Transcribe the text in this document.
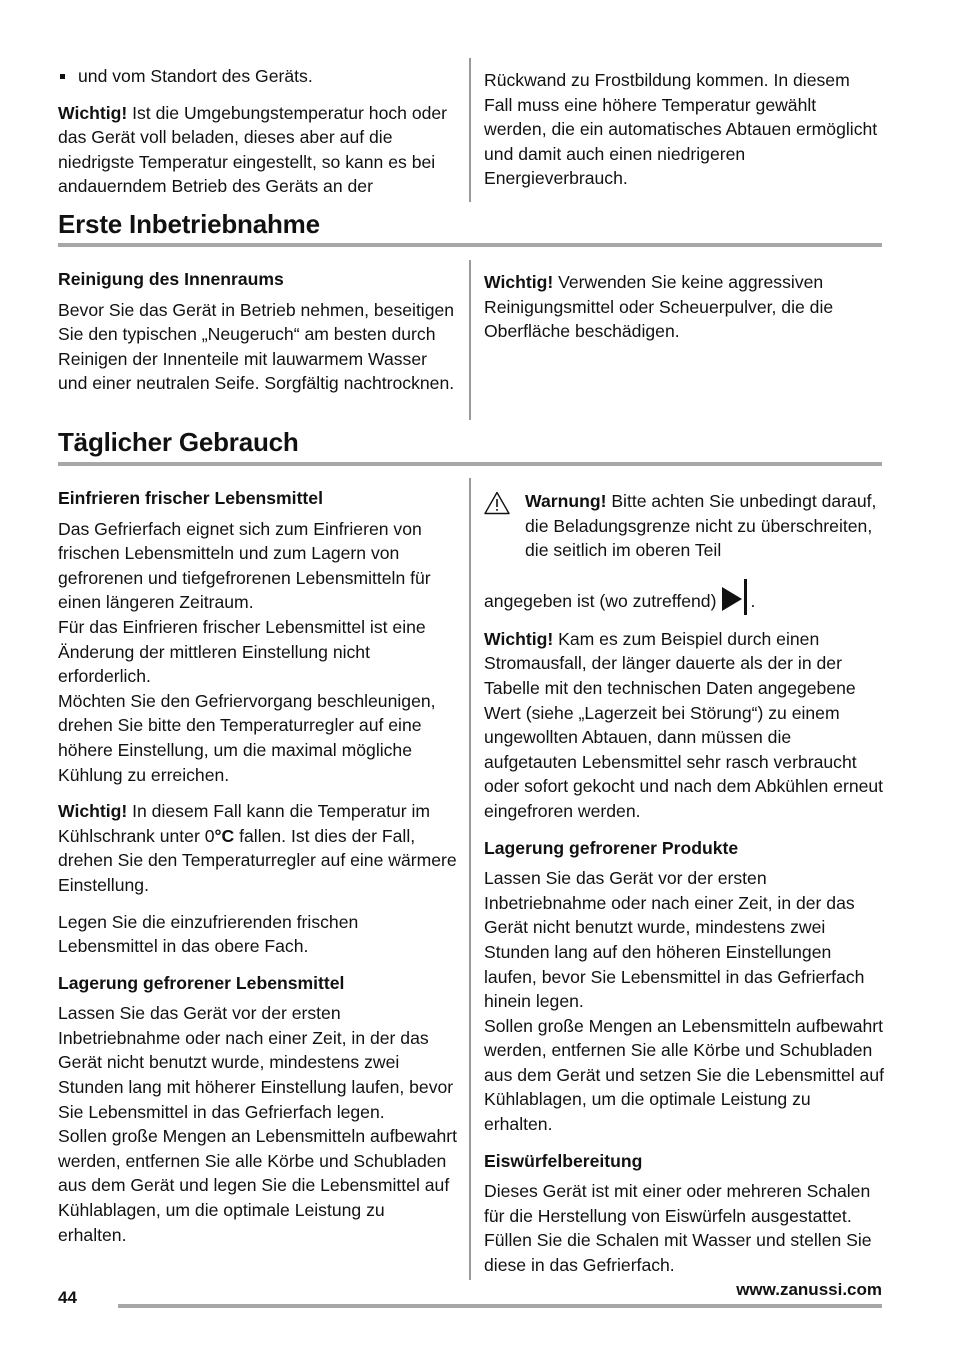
und vom Standort des Geräts.

Wichtig! Ist die Umgebungstemperatur hoch oder das Gerät voll beladen, dieses aber auf die niedrigste Temperatur eingestellt, so kann es bei andauerndem Betrieb des Geräts an der

Rückwand zu Frostbildung kommen. In diesem Fall muss eine höhere Temperatur gewählt werden, die ein automatisches Abtauen ermöglicht und damit auch einen niedrigeren Energieverbrauch.

Erste Inbetriebnahme

Reinigung des Innenraums

Bevor Sie das Gerät in Betrieb nehmen, beseitigen Sie den typischen „Neugeruch“ am besten durch Reinigen der Innenteile mit lauwarmem Wasser und einer neutralen Seife. Sorgfältig nachtrocknen.

Wichtig! Verwenden Sie keine aggressiven Reinigungsmittel oder Scheuerpulver, die die Oberfläche beschädigen.

Täglicher Gebrauch

Einfrieren frischer Lebensmittel

Das Gefrierfach eignet sich zum Einfrieren von frischen Lebensmitteln und zum Lagern von gefrorenen und tiefgefrorenen Lebensmitteln für einen längeren Zeitraum.

Für das Einfrieren frischer Lebensmittel ist eine Änderung der mittleren Einstellung nicht erforderlich.

Möchten Sie den Gefriervorgang beschleunigen, drehen Sie bitte den Temperaturregler auf eine höhere Einstellung, um die maximal mögliche Kühlung zu erreichen.

Wichtig! In diesem Fall kann die Temperatur im Kühlschrank unter 0°C fallen. Ist dies der Fall, drehen Sie den Temperaturregler auf eine wärmere Einstellung.

Legen Sie die einzufrierenden frischen Lebensmittel in das obere Fach.

Lagerung gefrorener Lebensmittel

Lassen Sie das Gerät vor der ersten Inbetriebnahme oder nach einer Zeit, in der das Gerät nicht benutzt wurde, mindestens zwei Stunden lang mit höherer Einstellung laufen, bevor Sie Lebensmittel in das Gefrierfach legen.

Sollen große Mengen an Lebensmitteln aufbewahrt werden, entfernen Sie alle Körbe und Schubladen aus dem Gerät und legen Sie die Lebensmittel auf Kühlablagen, um die optimale Leistung zu erhalten.

Warnung! Bitte achten Sie unbedingt darauf, die Beladungsgrenze nicht zu überschreiten, die seitlich im oberen Teil

angegeben ist (wo zutreffend) .

Wichtig! Kam es zum Beispiel durch einen Stromausfall, der länger dauerte als der in der Tabelle mit den technischen Daten angegebene Wert (siehe „Lagerzeit bei Störung“) zu einem ungewollten Abtauen, dann müssen die aufgetauten Lebensmittel sehr rasch verbraucht oder sofort gekocht und nach dem Abkühlen erneut eingefroren werden.

Lagerung gefrorener Produkte

Lassen Sie das Gerät vor der ersten Inbetriebnahme oder nach einer Zeit, in der das Gerät nicht benutzt wurde, mindestens zwei Stunden lang auf den höheren Einstellungen laufen, bevor Sie Lebensmittel in das Gefrierfach hinein legen.

Sollen große Mengen an Lebensmitteln aufbewahrt werden, entfernen Sie alle Körbe und Schubladen aus dem Gerät und setzen Sie die Lebensmittel auf Kühlablagen, um die optimale Leistung zu erhalten.

Eiswürfelbereitung

Dieses Gerät ist mit einer oder mehreren Schalen für die Herstellung von Eiswürfeln ausgestattet. Füllen Sie die Schalen mit Wasser und stellen Sie diese in das Gefrierfach.

44	www.zanussi.com
